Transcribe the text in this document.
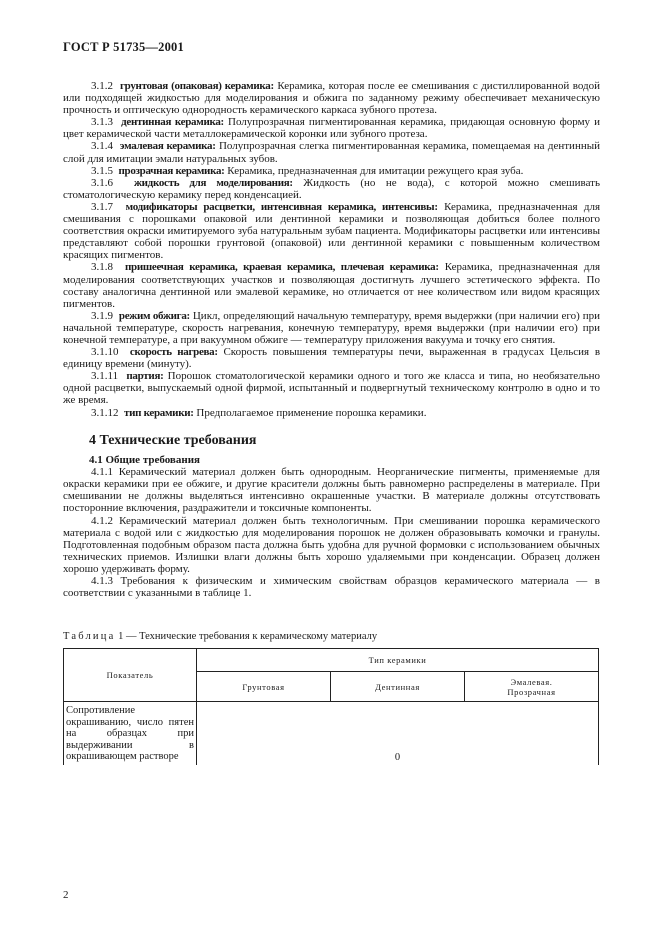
ГОСТ Р 51735—2001

3.1.2 грунтовая (опаковая) керамика: Керамика, которая после ее смешивания с дистиллированной водой или подходящей жидкостью для моделирования и обжига по заданному режиму обеспечивает механическую прочность и оптическую однородность керамического каркаса зубного протеза.

3.1.3 дентинная керамика: Полупрозрачная пигментированная керамика, придающая основную форму и цвет керамической части металлокерамической коронки или зубного протеза.

3.1.4 эмалевая керамика: Полупрозрачная слегка пигментированная керамика, помещаемая на дентинный слой для имитации эмали натуральных зубов.

3.1.5 прозрачная керамика: Керамика, предназначенная для имитации режущего края зуба.

3.1.6 жидкость для моделирования: Жидкость (но не вода), с которой можно смешивать стоматологическую керамику перед конденсацией.

3.1.7 модификаторы расцветки, интенсивная керамика, интенсивы: Керамика, предназначенная для смешивания с порошками опаковой или дентинной керамики и позволяющая добиться более полного соответствия окраски имитируемого зуба натуральным зубам пациента. Модификаторы расцветки или интенсивы представляют собой порошки грунтовой (опаковой) или дентинной керамики с повышенным количеством красящих пигментов.

3.1.8 пришеечная керамика, краевая керамика, плечевая керамика: Керамика, предназначенная для моделирования соответствующих участков и позволяющая достигнуть лучшего эстетического эффекта. По составу аналогична дентинной или эмалевой керамике, но отличается от нее количеством или видом красящих пигментов.

3.1.9 режим обжига: Цикл, определяющий начальную температуру, время выдержки (при наличии его) при начальной температуре, скорость нагревания, конечную температуру, время выдержки (при наличии его) при конечной температуре, а при вакуумном обжиге — температуру приложения вакуума и точку его снятия.

3.1.10 скорость нагрева: Скорость повышения температуры печи, выраженная в градусах Цельсия в единицу времени (минуту).

3.1.11 партия: Порошок стоматологической керамики одного и того же класса и типа, но необязательно одной расцветки, выпускаемый одной фирмой, испытанный и подвергнутый техническому контролю в одно и то же время.

3.1.12 тип керамики: Предполагаемое применение порошка керамики.

4 Технические требования
4.1 Общие требования

4.1.1 Керамический материал должен быть однородным. Неорганические пигменты, применяемые для окраски керамики при ее обжиге, и другие красители должны быть равномерно распределены в материале. При смешивании не должны выделяться интенсивно окрашенные участки. В материале должны отсутствовать посторонние включения, раздражители и токсичные компоненты.

4.1.2 Керамический материал должен быть технологичным. При смешивании порошка керамического материала с водой или с жидкостью для моделирования порошок не должен образовывать комочки и гранулы. Подготовленная подобным образом паста должна быть удобна для ручной формовки с использованием обычных технических приемов. Излишки влаги должны быть хорошо удаляемыми при конденсации. Образец должен хорошо удерживать форму.

4.1.3 Требования к физическим и химическим свойствам образцов керамического материала — в соответствии с указанными в таблице 1.

Таблица 1 — Технические требования к керамическому материалу
Показатель	Тип керамики		
	Грунтовая	Дентинная	Эмалевая.
Прозрачная
Сопротивление окрашиванию, число пятен на образцах при выдерживании в окрашивающем растворе	0		
2
